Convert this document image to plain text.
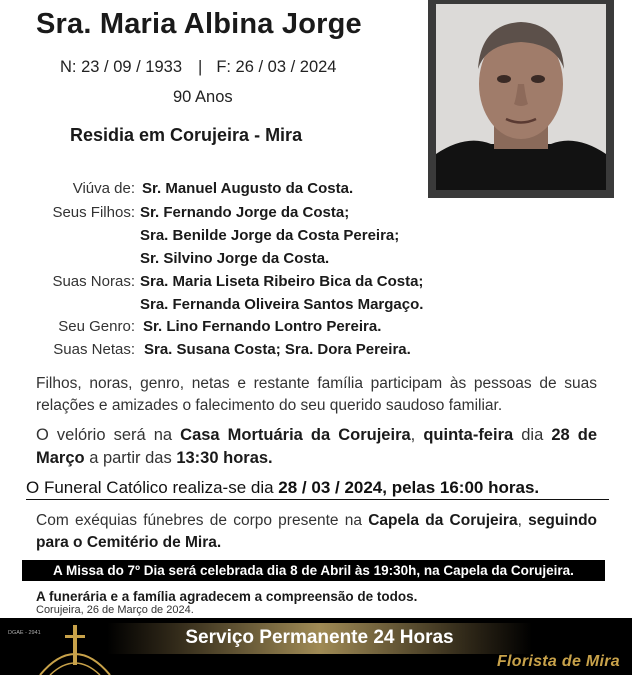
Sra. Maria Albina Jorge
N: 23 / 09 / 1933 | F: 26 / 03 / 2024
90 Anos
Residia em Corujeira - Mira
Viúva de: Sr. Manuel Augusto da Costa.
Seus Filhos: Sr. Fernando Jorge da Costa;
Sra. Benilde Jorge da Costa Pereira;
Sr. Silvino Jorge da Costa.
Suas Noras: Sra. Maria Liseta Ribeiro Bica da Costa;
Sra. Fernanda Oliveira Santos Margaço.
Seu Genro: Sr. Lino Fernando Lontro Pereira.
Suas Netas: Sra. Susana Costa; Sra. Dora Pereira.
Filhos, noras, genro, netas e restante família participam às pessoas de suas relações e amizades o falecimento do seu querido saudoso familiar.
O velório será na Casa Mortuária da Corujeira, quinta-feira dia 28 de Março a partir das 13:30 horas.
O Funeral Católico realiza-se dia 28 / 03 / 2024, pelas 16:00 horas.
Com exéquias fúnebres de corpo presente na Capela da Corujeira, seguindo para o Cemitério de Mira.
A Missa do 7º Dia será celebrada dia 8 de Abril às 19:30h, na Capela da Corujeira.
A funerária e a família agradecem a compreensão de todos.
Corujeira, 26 de Março de 2024.
DGAE - 2941	Serviço Permanente 24 Horas
Florista de Mira
